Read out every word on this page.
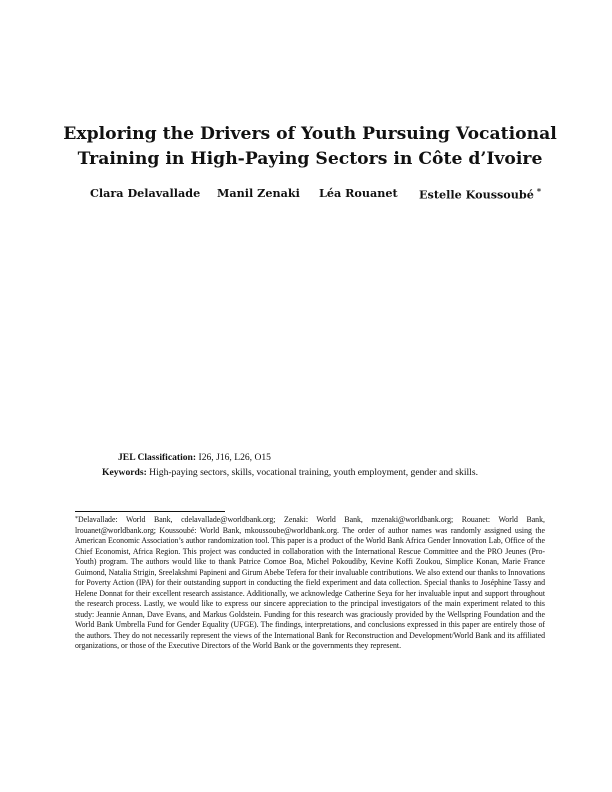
Exploring the Drivers of Youth Pursuing Vocational
Training in High-Paying Sectors in Côte d’Ivoire
Clara Delavallade Manil Zenaki Léa Rouanet Estelle Koussoubé *
JEL Classification: I26, J16, L26, O15
Keywords: High-paying sectors, skills, vocational training, youth employment, gender and skills.
*Delavallade: World Bank, cdelavallade@worldbank.org; Zenaki: World Bank, mzenaki@worldbank.org; Rouanet: World Bank, lrouanet@worldbank.org; Koussoubé: World Bank, mkoussoube@worldbank.org. The order of author names was randomly assigned using the American Economic Association’s author randomization tool. This paper is a product of the World Bank Africa Gender Innovation Lab, Office of the Chief Economist, Africa Region. This project was conducted in collaboration with the International Rescue Committee and the PRO Jeunes (Pro-Youth) program. The authors would like to thank Patrice Comoe Boa, Michel Pokoudiby, Kevine Koffi Zoukou, Simplice Konan, Marie France Guimond, Natalia Strigin, Sreelakshmi Papineni and Girum Abebe Tefera for their invaluable contributions. We also extend our thanks to Innovations for Poverty Action (IPA) for their outstanding support in conducting the field experiment and data collection. Special thanks to Joséphine Tassy and Helene Donnat for their excellent research assistance. Additionally, we acknowledge Catherine Seya for her invaluable input and support throughout the research process. Lastly, we would like to express our sincere appreciation to the principal investigators of the main experiment related to this study: Jeannie Annan, Dave Evans, and Markus Goldstein. Funding for this research was graciously provided by the Wellspring Foundation and the World Bank Umbrella Fund for Gender Equality (UFGE). The findings, interpretations, and conclusions expressed in this paper are entirely those of the authors. They do not necessarily represent the views of the International Bank for Reconstruction and Development/World Bank and its affiliated organizations, or those of the Executive Directors of the World Bank or the governments they represent.
